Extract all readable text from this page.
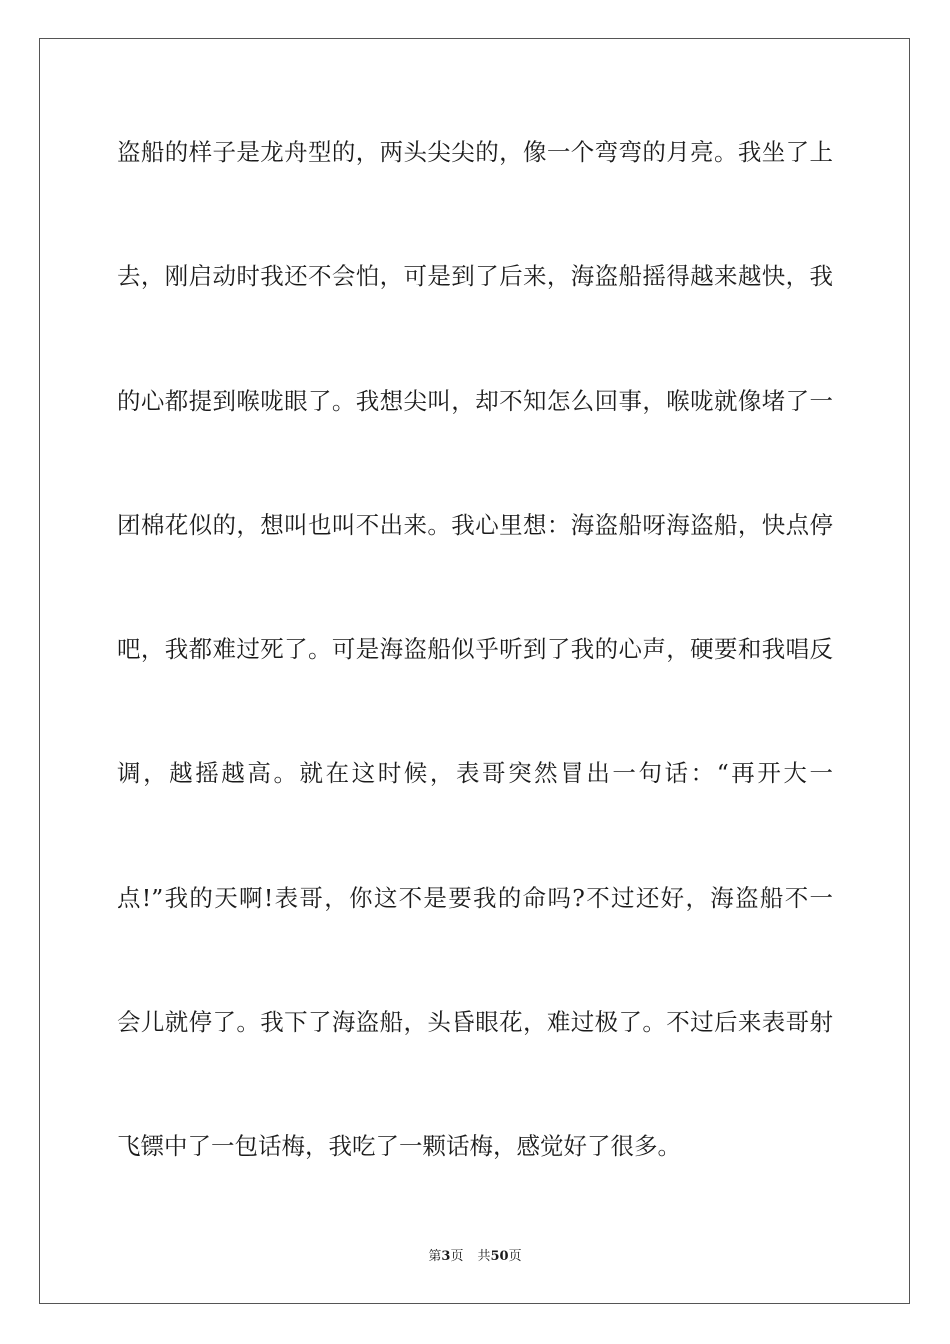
盗船的样子是龙舟型的，两头尖尖的，像一个弯弯的月亮。我坐了上
去，刚启动时我还不会怕，可是到了后来，海盗船摇得越来越快，我
的心都提到喉咙眼了。我想尖叫，却不知怎么回事，喉咙就像堵了一
团棉花似的，想叫也叫不出来。我心里想：海盗船呀海盗船，快点停
吧，我都难过死了。可是海盗船似乎听到了我的心声，硬要和我唱反
调，越摇越高。就在这时候，表哥突然冒出一句话：“再开大一
点!”我的天啊!表哥，你这不是要我的命吗?不过还好，海盗船不一
会儿就停了。我下了海盗船，头昏眼花，难过极了。不过后来表哥射
飞镖中了一包话梅，我吃了一颗话梅，感觉好了很多。
第3页 共50页
